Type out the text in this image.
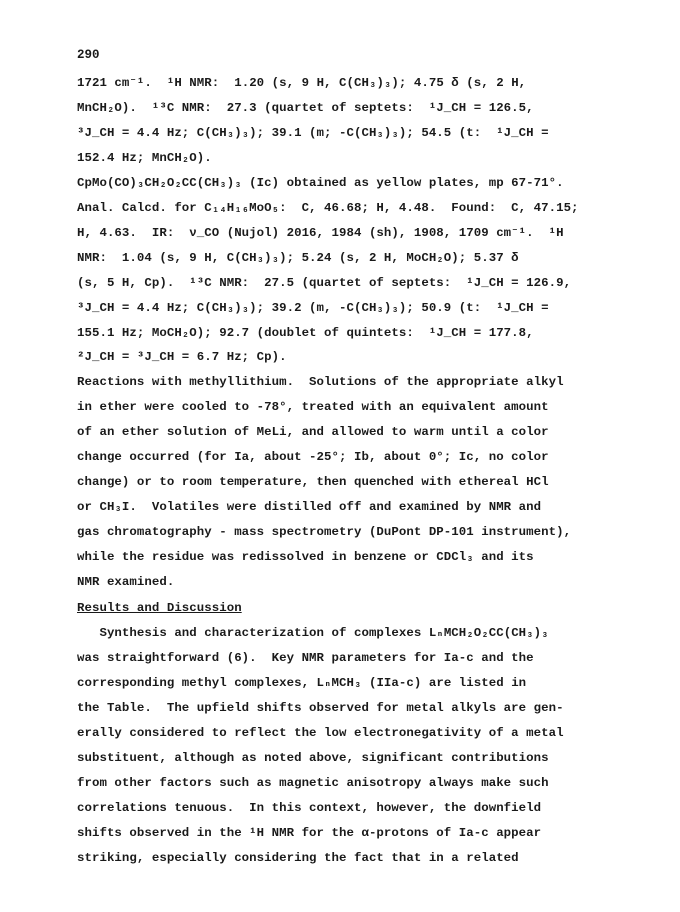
290
1721 cm⁻¹.  ¹H NMR:  1.20 (s, 9 H, C(CH₃)₃); 4.75 δ (s, 2 H,
MnCH₂O).  ¹³C NMR:  27.3 (quartet of septets:  ¹J_CH = 126.5,
³J_CH = 4.4 Hz; C(CH₃)₃); 39.1 (m; -C(CH₃)₃); 54.5 (t:  ¹J_CH =
152.4 Hz; MnCH₂O).
CpMo(CO)₃CH₂O₂CC(CH₃)₃ (Ic) obtained as yellow plates, mp 67-71°.
Anal. Calcd. for C₁₄H₁₆MoO₅:  C, 46.68; H, 4.48.  Found:  C, 47.15;
H, 4.63.  IR:  ν_CO (Nujol) 2016, 1984 (sh), 1908, 1709 cm⁻¹.  ¹H
NMR:  1.04 (s, 9 H, C(CH₃)₃); 5.24 (s, 2 H, MoCH₂O); 5.37 δ
(s, 5 H, Cp).  ¹³C NMR:  27.5 (quartet of septets:  ¹J_CH = 126.9,
³J_CH = 4.4 Hz; C(CH₃)₃); 39.2 (m, -C(CH₃)₃); 50.9 (t:  ¹J_CH =
155.1 Hz; MoCH₂O); 92.7 (doublet of quintets:  ¹J_CH = 177.8,
²J_CH = ³J_CH = 6.7 Hz; Cp).
Reactions with methyllithium.  Solutions of the appropriate alkyl
in ether were cooled to -78°, treated with an equivalent amount
of an ether solution of MeLi, and allowed to warm until a color
change occurred (for Ia, about -25°; Ib, about 0°; Ic, no color
change) or to room temperature, then quenched with ethereal HCl
or CH₃I.  Volatiles were distilled off and examined by NMR and
gas chromatography - mass spectrometry (DuPont DP-101 instrument),
while the residue was redissolved in benzene or CDCl₃ and its
NMR examined.
Results and Discussion
Synthesis and characterization of complexes LₙMCH₂O₂CC(CH₃)₃
was straightforward (6).  Key NMR parameters for Ia-c and the
corresponding methyl complexes, LₙMCH₃ (IIa-c) are listed in
the Table.  The upfield shifts observed for metal alkyls are gen-
erally considered to reflect the low electronegativity of a metal
substituent, although as noted above, significant contributions
from other factors such as magnetic anisotropy always make such
correlations tenuous.  In this context, however, the downfield
shifts observed in the ¹H NMR for the α-protons of Ia-c appear
striking, especially considering the fact that in a related
